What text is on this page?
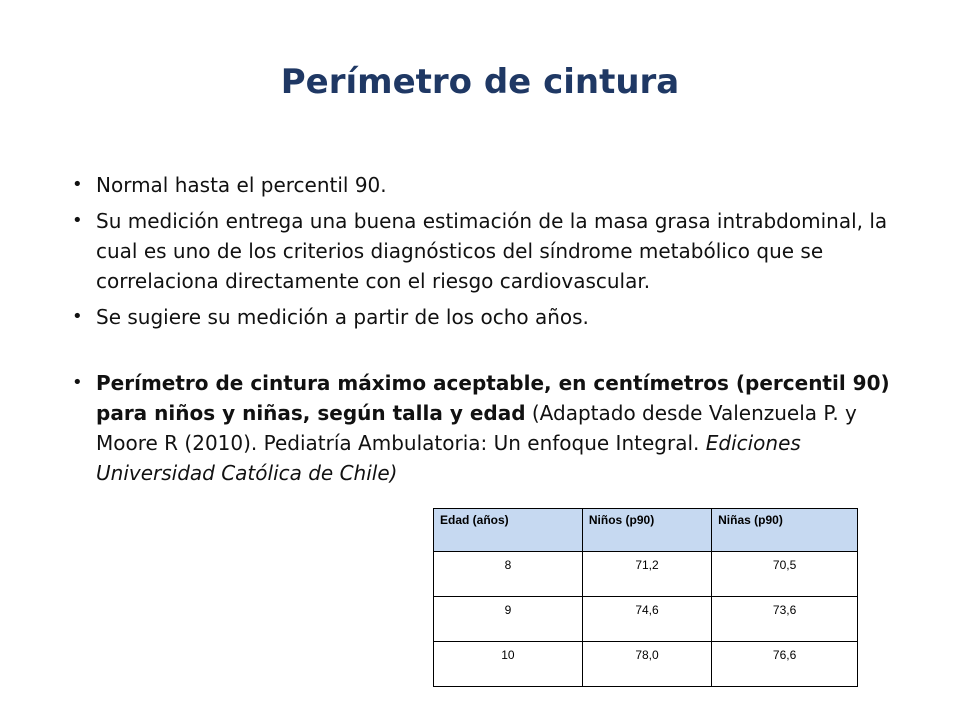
Perímetro de cintura
• Normal hasta el percentil 90.
• Su medición entrega una buena estimación de la masa grasa intrabdominal, la cual es uno de los criterios diagnósticos del síndrome metabólico que se correlaciona directamente con el riesgo cardiovascular.
• Se sugiere su medición a partir de los ocho años.
• Perímetro de cintura máximo aceptable, en centímetros (percentil 90) para niños y niñas, según talla y edad (Adaptado desde Valenzuela P. y Moore R (2010). Pediatría Ambulatoria: Un enfoque Integral. Ediciones Universidad Católica de Chile)
Edad (años)	Niños (p90)	Niñas (p90)
8	71,2	70,5
9	74,6	73,6
10	78,0	76,6
